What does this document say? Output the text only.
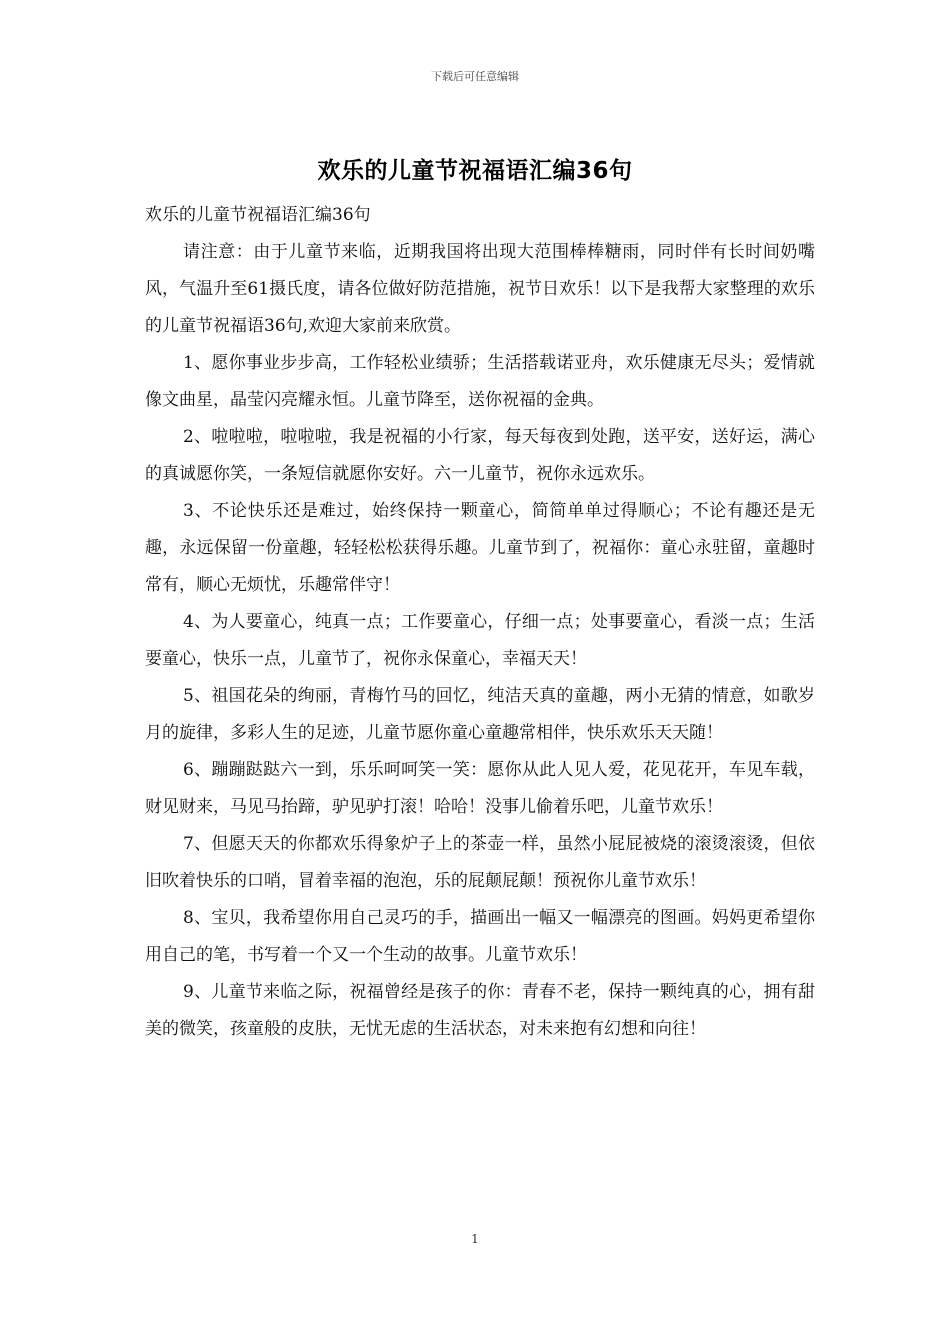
下载后可任意编辑
欢乐的儿童节祝福语汇编36句

欢乐的儿童节祝福语汇编36句

请注意：由于儿童节来临，近期我国将出现大范围棒棒糖雨，同时伴有长时间奶嘴风，气温升至61摄氏度，请各位做好防范措施，祝节日欢乐！以下是我帮大家整理的欢乐的儿童节祝福语36句,欢迎大家前来欣赏。

1、愿你事业步步高，工作轻松业绩骄；生活搭载诺亚舟，欢乐健康无尽头；爱情就像文曲星，晶莹闪亮耀永恒。儿童节降至，送你祝福的金典。

2、啦啦啦，啦啦啦，我是祝福的小行家，每天每夜到处跑，送平安，送好运，满心的真诚愿你笑，一条短信就愿你安好。六一儿童节，祝你永远欢乐。

3、不论快乐还是难过，始终保持一颗童心，简简单单过得顺心；不论有趣还是无趣，永远保留一份童趣，轻轻松松获得乐趣。儿童节到了，祝福你：童心永驻留，童趣时常有，顺心无烦忧，乐趣常伴守！

4、为人要童心，纯真一点；工作要童心，仔细一点；处事要童心，看淡一点；生活要童心，快乐一点，儿童节了，祝你永保童心，幸福天天！

5、祖国花朵的绚丽，青梅竹马的回忆，纯洁天真的童趣，两小无猜的情意，如歌岁月的旋律，多彩人生的足迹，儿童节愿你童心童趣常相伴，快乐欢乐天天随！

6、蹦蹦跶跶六一到，乐乐呵呵笑一笑：愿你从此人见人爱，花见花开，车见车载，财见财来，马见马抬蹄，驴见驴打滚！哈哈！没事儿偷着乐吧，儿童节欢乐！

7、但愿天天的你都欢乐得象炉子上的茶壶一样，虽然小屁屁被烧的滚烫滚烫，但依旧吹着快乐的口哨，冒着幸福的泡泡，乐的屁颠屁颠！预祝你儿童节欢乐！

8、宝贝，我希望你用自己灵巧的手，描画出一幅又一幅漂亮的图画。妈妈更希望你用自己的笔，书写着一个又一个生动的故事。儿童节欢乐！

9、儿童节来临之际，祝福曾经是孩子的你：青春不老，保持一颗纯真的心，拥有甜美的微笑，孩童般的皮肤，无忧无虑的生活状态，对未来抱有幻想和向往！

1
